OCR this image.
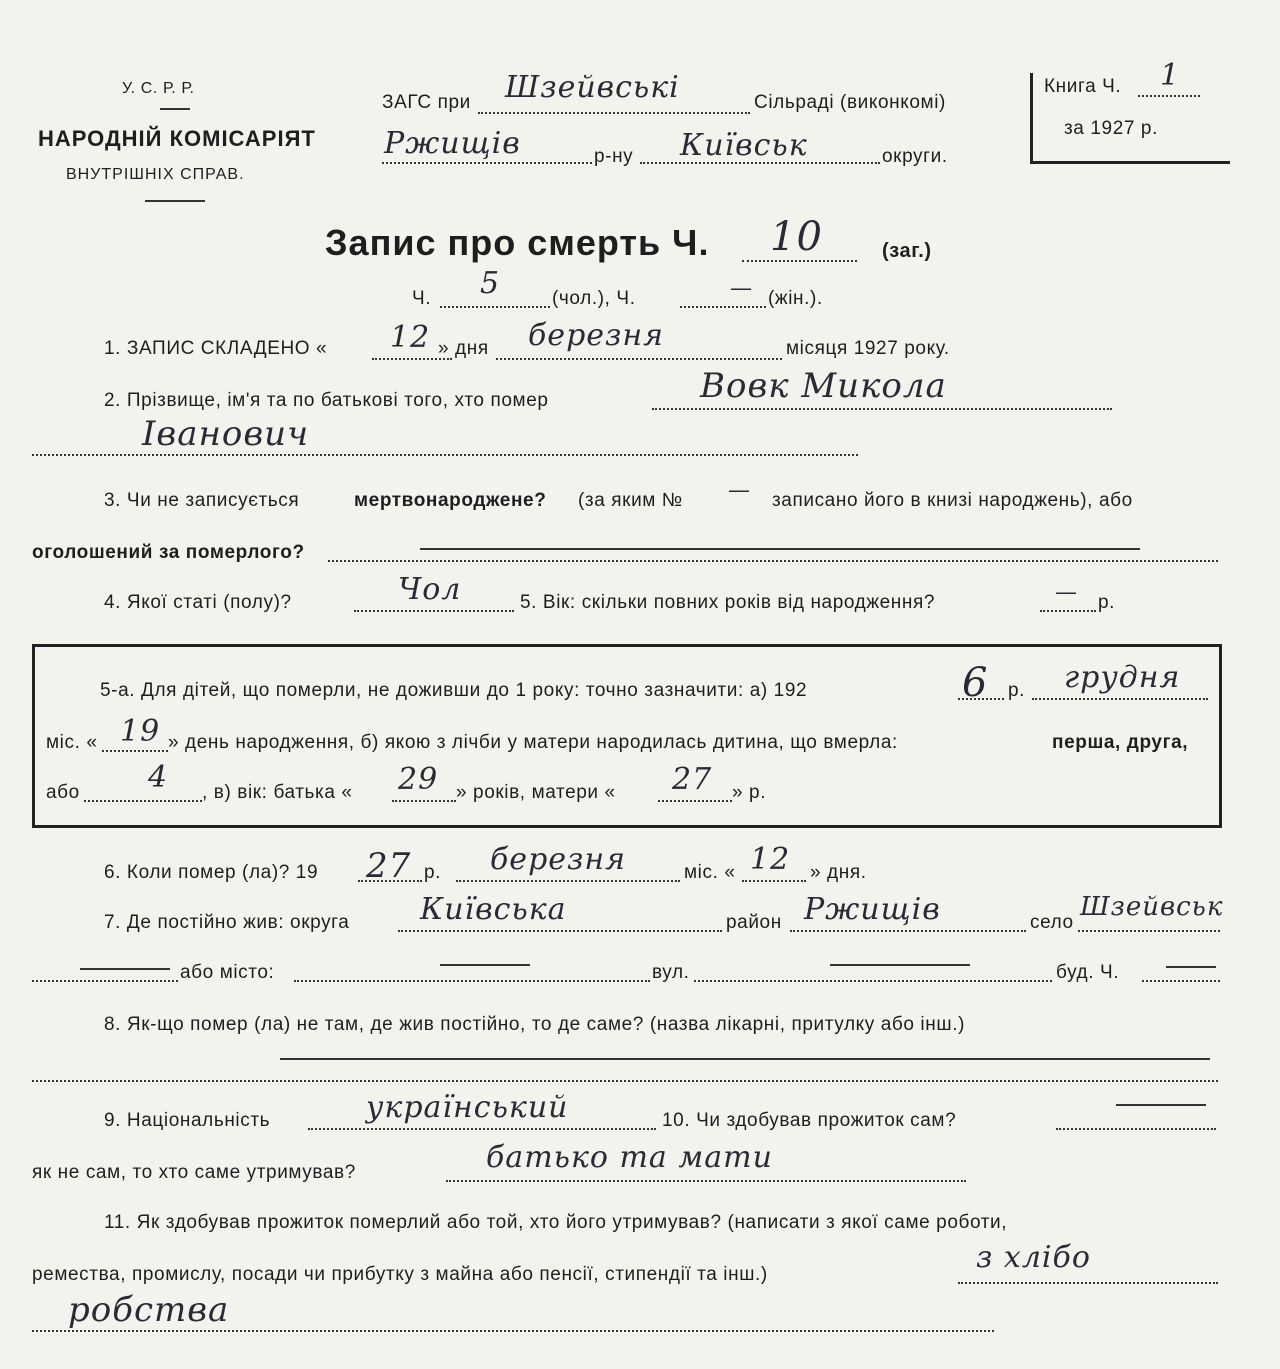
У. С. Р. Р.
НАРОДНІЙ КОМІСАРІЯТ
ВНУТРІШНІХ СПРАВ.
ЗАГС при Шзейвські	Сільраді (виконкомі)
Ржищів	р-ну Київськ	округи.
Книга Ч. 1
за 1927 р.
Запис про смерть Ч. 10	(заг.)
Ч. 5	(чол.), Ч.	— (жін.).
1. ЗАПИС СКЛАДЕНО « 12 » дня березня	місяця 1927 року.
2. Прізвище, ім'я та по батькові того, хто помер	Вовк Микола
Іванович
3. Чи не записується	мертвонароджене? (за яким № — записано його в книзі народжень), або
оголошений за померлого?
4. Якої статі (полу)?	Чол	5. Вік: скільки повних років від народження?	— р.
5-а. Для дітей, що померли, не доживши до 1 року: точно зазначити: а) 192	6 р. грудня
міс. « 19 » день народження, б) якою з лічби у матери народилась дитина, що вмерла:	перша, друга,
або 4 , в) вік: батька « 29 » років, матери « 27 » р.
6. Коли помер (ла)? 19 27 р. березня	міс. « 12 » дня.
7. Де постійно жив: округа Київська	район Ржищів	село
Шзейвськ
або місто:	вул.	буд. Ч.
8. Як-що помер (ла) не там, де жив постійно, то де саме? (назва лікарні, притулку або інш.)
9. Національність	український	10. Чи здобував прожиток сам?
як не сам, то хто саме утримував?	батько та мати
11. Як здобував прожиток померлий або той, хто його утримував? (написати з якої саме роботи,
ремества, промислу, посади чи прибутку з майна або пенсії, стипендії та інш.)	з хлібо
робства
